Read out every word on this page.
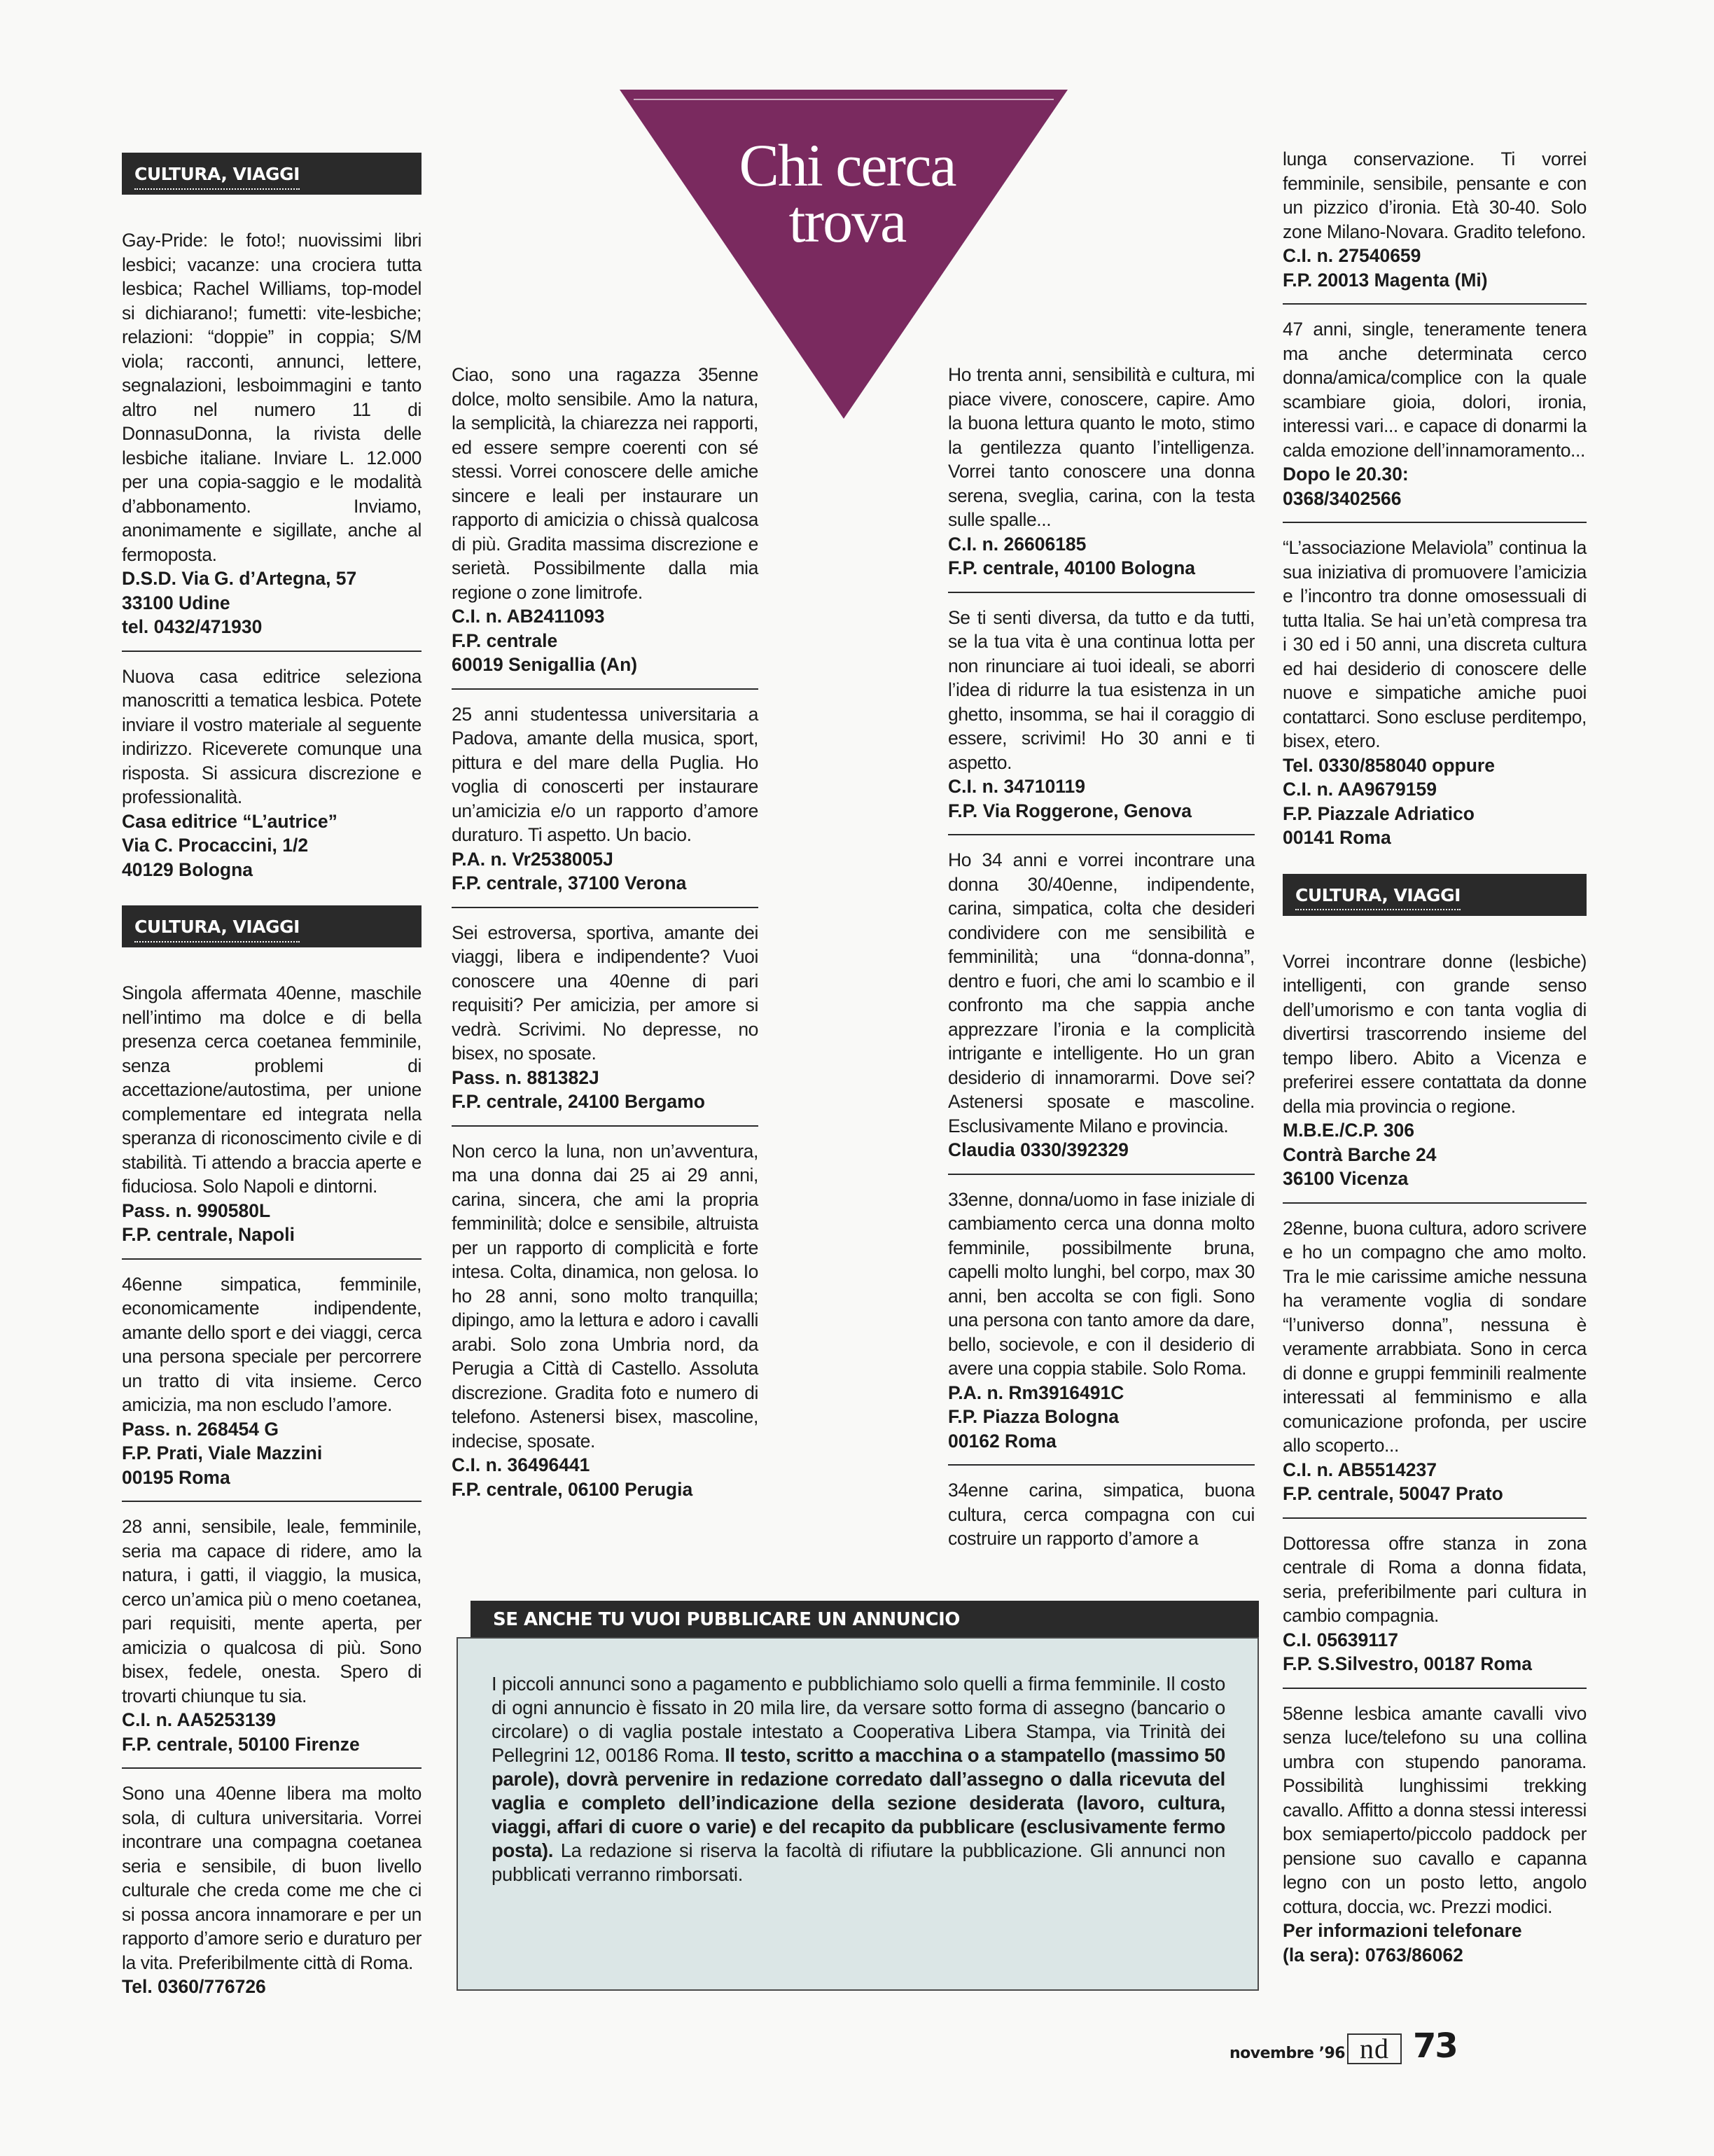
Chi cerca
trova
CULTURA, VIAGGI

Gay-Pride: le foto!; nuovissimi libri lesbici; vacanze: una crociera tutta lesbica; Rachel Williams, top-model si dichiarano!; fumetti: vite-lesbiche; relazioni: “doppie” in coppia; S/M viola; racconti, annunci, lettere, segnalazioni, lesboimmagini e tanto altro nel numero 11 di DonnasuDonna, la rivista delle lesbiche italiane. Inviare L. 12.000 per una copia-saggio e le modalità d’abbonamento. Inviamo, anonimamente e sigillate, anche al fermoposta.

D.S.D. Via G. d’Artegna, 57
33100 Udine
tel. 0432/471930

Nuova casa editrice seleziona manoscritti a tematica lesbica. Potete inviare il vostro materiale al seguente indirizzo. Riceverete comunque una risposta. Si assicura discrezione e professionalità.

Casa editrice “L’autrice”
Via C. Procaccini, 1/2
40129 Bologna
CULTURA, VIAGGI

Singola affermata 40enne, maschile nell’intimo ma dolce e di bella presenza cerca coetanea femminile, senza problemi di accettazione/autostima, per unione complementare ed integrata nella speranza di riconoscimento civile e di stabilità. Ti attendo a braccia aperte e fiduciosa. Solo Napoli e dintorni.

Pass. n. 990580L
F.P. centrale, Napoli

46enne simpatica, femminile, economicamente indipendente, amante dello sport e dei viaggi, cerca una persona speciale per percorrere un tratto di vita insieme. Cerco amicizia, ma non escludo l’amore.

Pass. n. 268454 G
F.P. Prati, Viale Mazzini
00195 Roma

28 anni, sensibile, leale, femminile, seria ma capace di ridere, amo la natura, i gatti, il viaggio, la musica, cerco un’amica più o meno coetanea, pari requisiti, mente aperta, per amicizia o qualcosa di più. Sono bisex, fedele, onesta. Spero di trovarti chiunque tu sia.

C.I. n. AA5253139
F.P. centrale, 50100 Firenze

Sono una 40enne libera ma molto sola, di cultura universitaria. Vorrei incontrare una compagna coetanea seria e sensibile, di buon livello culturale che creda come me che ci si possa ancora innamorare e per un rapporto d’amore serio e duraturo per la vita. Preferibilmente città di Roma.

Tel. 0360/776726

Ciao, sono una ragazza 35enne dolce, molto sensibile. Amo la natura, la semplicità, la chiarezza nei rapporti, ed essere sempre coerenti con sé stessi. Vorrei conoscere delle amiche sincere e leali per instaurare un rapporto di amicizia o chissà qualcosa di più. Gradita massima discrezione e serietà. Possibilmente dalla mia regione o zone limitrofe.

C.I. n. AB2411093
F.P. centrale
60019 Senigallia (An)

25 anni studentessa universitaria a Padova, amante della musica, sport, pittura e del mare della Puglia. Ho voglia di conoscerti per instaurare un’amicizia e/o un rapporto d’amore duraturo. Ti aspetto. Un bacio.

P.A. n. Vr2538005J
F.P. centrale, 37100 Verona

Sei estroversa, sportiva, amante dei viaggi, libera e indipendente? Vuoi conoscere una 40enne di pari requisiti? Per amicizia, per amore si vedrà. Scrivimi. No depresse, no bisex, no sposate.

Pass. n. 881382J
F.P. centrale, 24100 Bergamo

Non cerco la luna, non un’avventura, ma una donna dai 25 ai 29 anni, carina, sincera, che ami la propria femminilità; dolce e sensibile, altruista per un rapporto di complicità e forte intesa. Colta, dinamica, non gelosa. Io ho 28 anni, sono molto tranquilla; dipingo, amo la lettura e adoro i cavalli arabi. Solo zona Umbria nord, da Perugia a Città di Castello. Assoluta discrezione. Gradita foto e numero di telefono. Astenersi bisex, mascoline, indecise, sposate.

C.I. n. 36496441
F.P. centrale, 06100 Perugia

Ho trenta anni, sensibilità e cultura, mi piace vivere, conoscere, capire. Amo la buona lettura quanto le moto, stimo la gentilezza quanto l’intelligenza. Vorrei tanto conoscere una donna serena, sveglia, carina, con la testa sulle spalle...

C.I. n. 26606185
F.P. centrale, 40100 Bologna

Se ti senti diversa, da tutto e da tutti, se la tua vita è una continua lotta per non rinunciare ai tuoi ideali, se aborri l’idea di ridurre la tua esistenza in un ghetto, insomma, se hai il coraggio di essere, scrivimi! Ho 30 anni e ti aspetto.

C.I. n. 34710119
F.P. Via Roggerone, Genova

Ho 34 anni e vorrei incontrare una donna 30/40enne, indipendente, carina, simpatica, colta che desideri condividere con me sensibilità e femminilità; una “donna-donna”, dentro e fuori, che ami lo scambio e il confronto ma che sappia anche apprezzare l’ironia e la complicità intrigante e intelligente. Ho un gran desiderio di innamorarmi. Dove sei? Astenersi sposate e mascoline. Esclusivamente Milano e provincia.

Claudia 0330/392329

33enne, donna/uomo in fase iniziale di cambiamento cerca una donna molto femminile, possibilmente bruna, capelli molto lunghi, bel corpo, max 30 anni, ben accolta se con figli. Sono una persona con tanto amore da dare, bello, socievole, e con il desiderio di avere una coppia stabile. Solo Roma.

P.A. n. Rm3916491C
F.P. Piazza Bologna
00162 Roma

34enne carina, simpatica, buona cultura, cerca compagna con cui costruire un rapporto d’amore a

lunga conservazione. Ti vorrei femminile, sensibile, pensante e con un pizzico d’ironia. Età 30-40. Solo zone Milano-Novara. Gradito telefono.

C.I. n. 27540659
F.P. 20013 Magenta (Mi)

47 anni, single, teneramente tenera ma anche determinata cerco donna/amica/complice con la quale scambiare gioia, dolori, ironia, interessi vari... e capace di donarmi la calda emozione dell’innamoramento...

Dopo le 20.30:
0368/3402566

“L’associazione Melaviola” continua la sua iniziativa di promuovere l’amicizia e l’incontro tra donne omosessuali di tutta Italia. Se hai un’età compresa tra i 30 ed i 50 anni, una discreta cultura ed hai desiderio di conoscere delle nuove e simpatiche amiche puoi contattarci. Sono escluse perditempo, bisex, etero.

Tel. 0330/858040 oppure
C.I. n. AA9679159
F.P. Piazzale Adriatico
00141 Roma
CULTURA, VIAGGI

Vorrei incontrare donne (lesbiche) intelligenti, con grande senso dell’umorismo e con tanta voglia di divertirsi trascorrendo insieme del tempo libero. Abito a Vicenza e preferirei essere contattata da donne della mia provincia o regione.

M.B.E./C.P. 306
Contrà Barche 24
36100 Vicenza

28enne, buona cultura, adoro scrivere e ho un compagno che amo molto. Tra le mie carissime amiche nessuna ha veramente voglia di sondare “l’universo donna”, nessuna è veramente arrabbiata. Sono in cerca di donne e gruppi femminili realmente interessati al femminismo e alla comunicazione profonda, per uscire allo scoperto...

C.I. n. AB5514237
F.P. centrale, 50047 Prato

Dottoressa offre stanza in zona centrale di Roma a donna fidata, seria, preferibilmente pari cultura in cambio compagnia.

C.I. 05639117
F.P. S.Silvestro, 00187 Roma

58enne lesbica amante cavalli vivo senza luce/telefono su una collina umbra con stupendo panorama. Possibilità lunghissimi trekking cavallo. Affitto a donna stessi interessi box semiaperto/piccolo paddock per pensione suo cavallo e capanna legno con un posto letto, angolo cottura, doccia, wc. Prezzi modici.

Per informazioni telefonare
(la sera): 0763/86062
SE ANCHE TU VUOI PUBBLICARE UN ANNUNCIO

I piccoli annunci sono a pagamento e pubblichiamo solo quelli a firma femminile. Il costo di ogni annuncio è fissato in 20 mila lire, da versare sotto forma di assegno (bancario o circolare) o di vaglia postale intestato a Cooperativa Libera Stampa, via Trinità dei Pellegrini 12, 00186 Roma. Il testo, scritto a macchina o a stampatello (massimo 50 parole), dovrà pervenire in redazione corredato dall’assegno o dalla ricevuta del vaglia e completo dell’indicazione della sezione desiderata (lavoro, cultura, viaggi, affari di cuore o varie) e del recapito da pubblicare (esclusivamente fermo posta). La redazione si riserva la facoltà di rifiutare la pubblicazione. Gli annunci non pubblicati verranno rimborsati.

novembre ’96 nd 73
